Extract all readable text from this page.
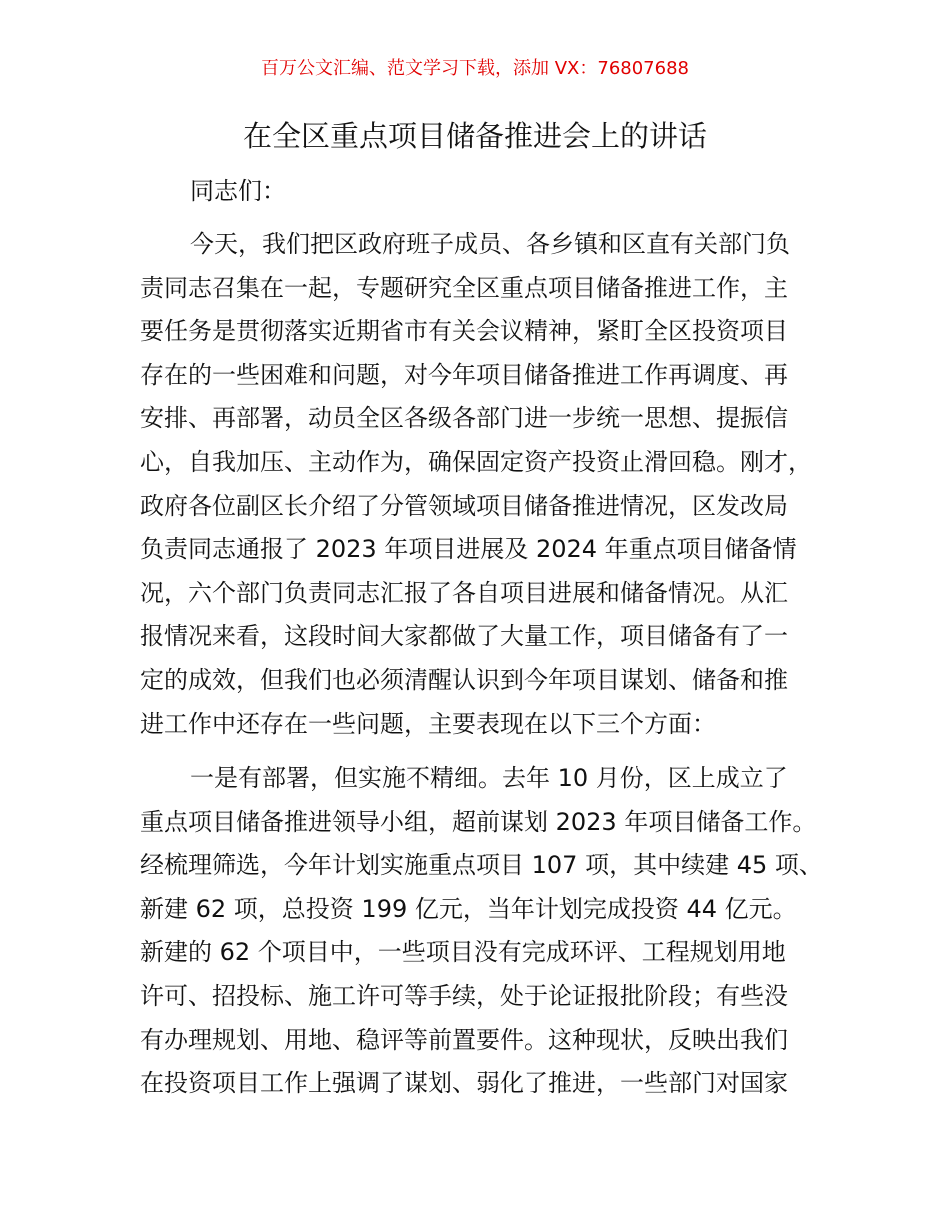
百万公文汇编、范文学习下载，添加 VX：76807688
在全区重点项目储备推进会上的讲话
同志们：
今天，我们把区政府班子成员、各乡镇和区直有关部门负
责同志召集在一起，专题研究全区重点项目储备推进工作，主
要任务是贯彻落实近期省市有关会议精神，紧盯全区投资项目
存在的一些困难和问题，对今年项目储备推进工作再调度、再
安排、再部署，动员全区各级各部门进一步统一思想、提振信
心，自我加压、主动作为，确保固定资产投资止滑回稳。刚才，
政府各位副区长介绍了分管领域项目储备推进情况，区发改局
负责同志通报了 2023 年项目进展及 2024 年重点项目储备情
况，六个部门负责同志汇报了各自项目进展和储备情况。从汇
报情况来看，这段时间大家都做了大量工作，项目储备有了一
定的成效，但我们也必须清醒认识到今年项目谋划、储备和推
进工作中还存在一些问题，主要表现在以下三个方面：
一是有部署，但实施不精细。去年 10 月份，区上成立了
重点项目储备推进领导小组，超前谋划 2023 年项目储备工作。
经梳理筛选，今年计划实施重点项目 107 项，其中续建 45 项、
新建 62 项，总投资 199 亿元，当年计划完成投资 44 亿元。
新建的 62 个项目中，一些项目没有完成环评、工程规划用地
许可、招投标、施工许可等手续，处于论证报批阶段；有些没
有办理规划、用地、稳评等前置要件。这种现状，反映出我们
在投资项目工作上强调了谋划、弱化了推进，一些部门对国家
